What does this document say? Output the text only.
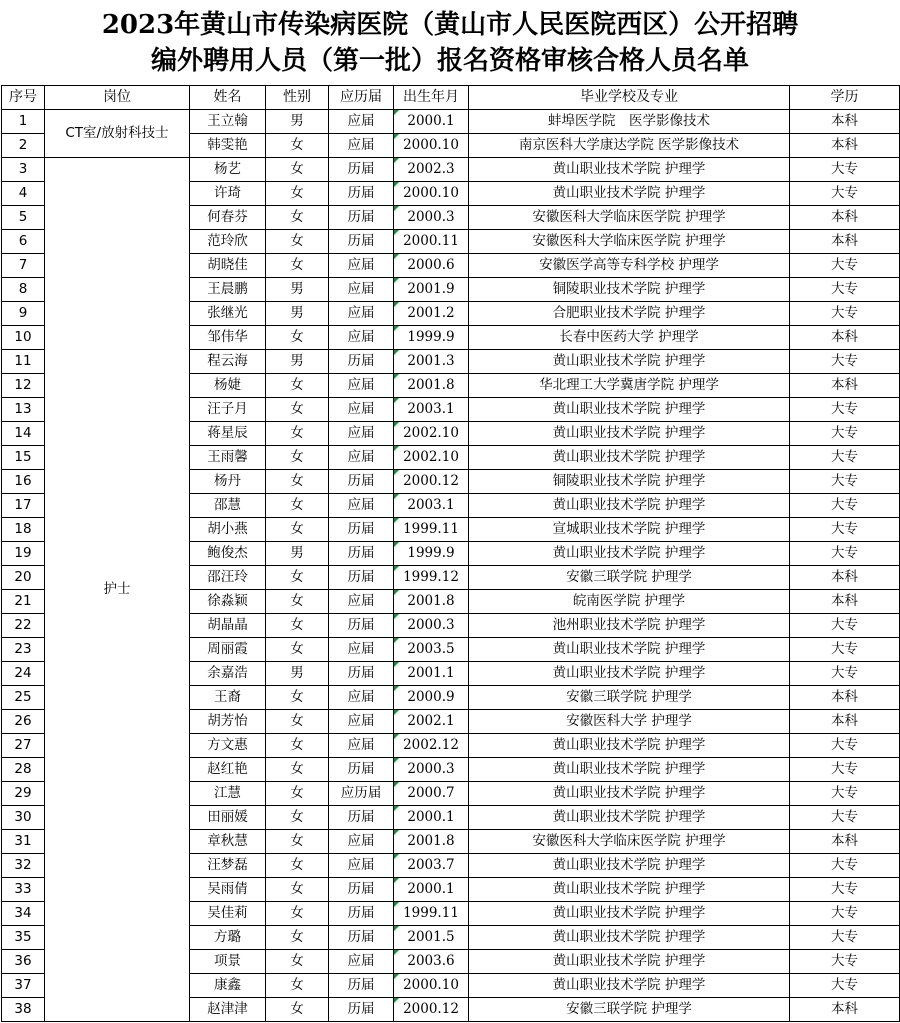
2023年黄山市传染病医院（黄山市人民医院西区）公开招聘
编外聘用人员（第一批）报名资格审核合格人员名单
序号	岗位	姓名	性别	应历届	出生年月	毕业学校及专业	学历
1	CT室/放射科技士	王立翰	男	应届	2000.1	蚌埠医学院　医学影像技术	本科
2		韩雯艳	女	应届	2000.10	南京医科大学康达学院 医学影像技术	本科
3	护士	杨艺	女	历届	2002.3	黄山职业技术学院 护理学	大专
4		许琦	女	历届	2000.10	黄山职业技术学院 护理学	大专
5		何春芬	女	历届	2000.3	安徽医科大学临床医学院 护理学	本科
6		范玲欣	女	历届	2000.11	安徽医科大学临床医学院 护理学	本科
7		胡晓佳	女	应届	2000.6	安徽医学高等专科学校 护理学	大专
8		王晨鹏	男	应届	2001.9	铜陵职业技术学院 护理学	大专
9		张继光	男	应届	2001.2	合肥职业技术学院 护理学	大专
10		邹伟华	女	应届	1999.9	长春中医药大学 护理学	本科
11		程云海	男	历届	2001.3	黄山职业技术学院 护理学	大专
12		杨婕	女	应届	2001.8	华北理工大学冀唐学院 护理学	本科
13		汪子月	女	应届	2003.1	黄山职业技术学院 护理学	大专
14		蒋星辰	女	应届	2002.10	黄山职业技术学院 护理学	大专
15		王雨馨	女	应届	2002.10	黄山职业技术学院 护理学	大专
16		杨丹	女	历届	2000.12	铜陵职业技术学院 护理学	大专
17		邵慧	女	应届	2003.1	黄山职业技术学院 护理学	大专
18		胡小燕	女	历届	1999.11	宣城职业技术学院 护理学	大专
19		鲍俊杰	男	历届	1999.9	黄山职业技术学院 护理学	大专
20		邵汪玲	女	历届	1999.12	安徽三联学院 护理学	本科
21		徐淼颖	女	应届	2001.8	皖南医学院 护理学	本科
22		胡晶晶	女	历届	2000.3	池州职业技术学院 护理学	大专
23		周丽霞	女	应届	2003.5	黄山职业技术学院 护理学	大专
24		余嘉浩	男	历届	2001.1	黄山职业技术学院 护理学	大专
25		王裔	女	应届	2000.9	安徽三联学院 护理学	本科
26		胡芳怡	女	应届	2002.1	安徽医科大学 护理学	本科
27		方文惠	女	应届	2002.12	黄山职业技术学院 护理学	大专
28		赵红艳	女	历届	2000.3	黄山职业技术学院 护理学	大专
29		江慧	女	应历届	2000.7	黄山职业技术学院 护理学	大专
30		田丽媛	女	历届	2000.1	黄山职业技术学院 护理学	大专
31		章秋慧	女	应届	2001.8	安徽医科大学临床医学院 护理学	本科
32		汪梦磊	女	应届	2003.7	黄山职业技术学院 护理学	大专
33		吴雨倩	女	历届	2000.1	黄山职业技术学院 护理学	大专
34		吴佳莉	女	历届	1999.11	黄山职业技术学院 护理学	大专
35		方璐	女	历届	2001.5	黄山职业技术学院 护理学	大专
36		项景	女	应届	2003.6	黄山职业技术学院 护理学	大专
37		康鑫	女	历届	2000.10	黄山职业技术学院 护理学	大专
38		赵津津	女	历届	2000.12	安徽三联学院 护理学	本科
